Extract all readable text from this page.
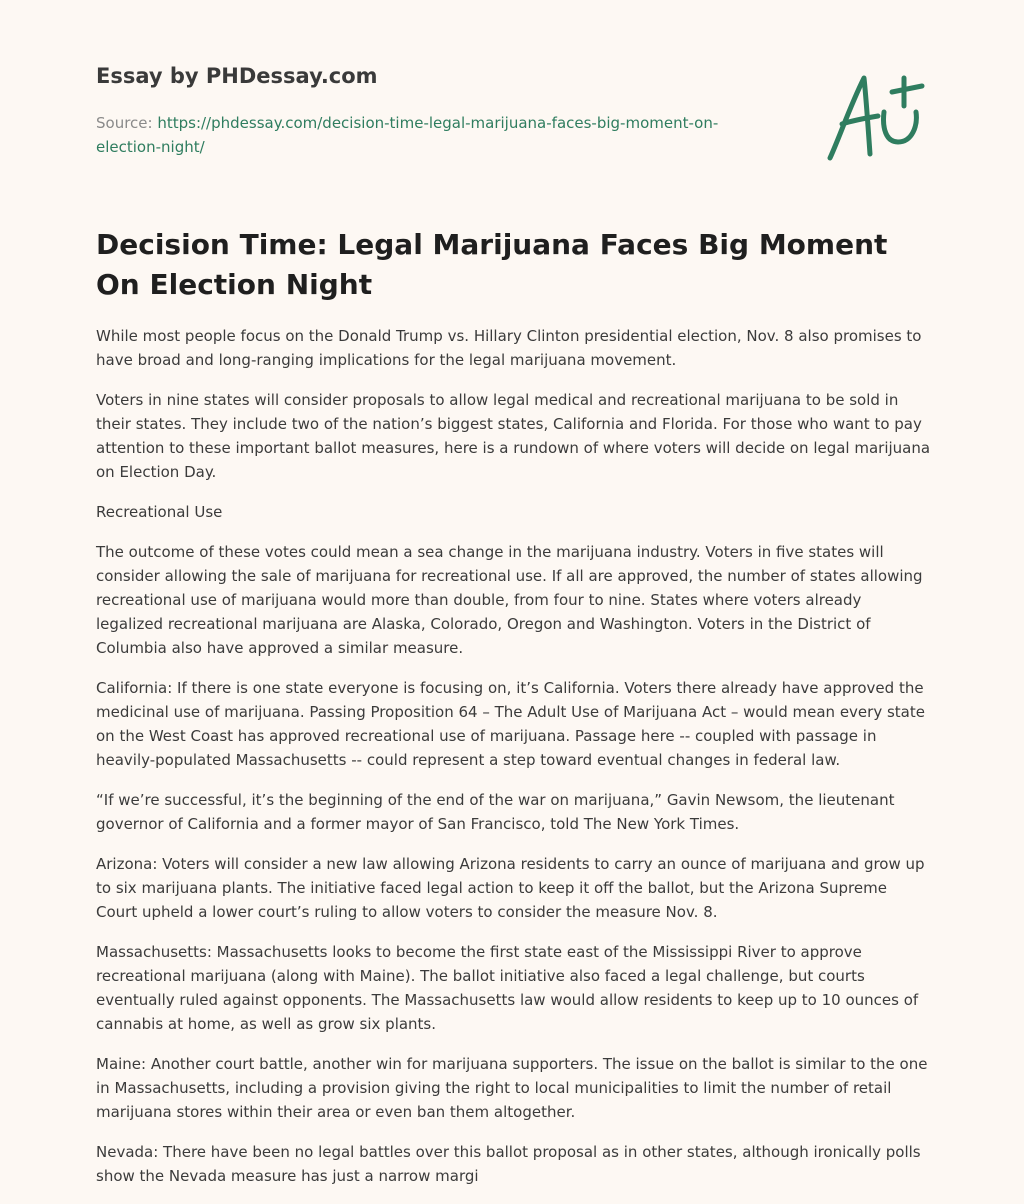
Essay by PHDessay.com

Source: https://phdessay.com/decision-time-legal-marijuana-faces-big-moment-on-election-night/

Decision Time: Legal Marijuana Faces Big Moment On Election Night

While most people focus on the Donald Trump vs. Hillary Clinton presidential election, Nov. 8 also promises to have broad and long-ranging implications for the legal marijuana movement.

Voters in nine states will consider proposals to allow legal medical and recreational marijuana to be sold in their states. They include two of the nation’s biggest states, California and Florida. For those who want to pay attention to these important ballot measures, here is a rundown of where voters will decide on legal marijuana on Election Day.

Recreational Use

The outcome of these votes could mean a sea change in the marijuana industry. Voters in five states will consider allowing the sale of marijuana for recreational use. If all are approved, the number of states allowing recreational use of marijuana would more than double, from four to nine. States where voters already legalized recreational marijuana are Alaska, Colorado, Oregon and Washington. Voters in the District of Columbia also have approved a similar measure.

California: If there is one state everyone is focusing on, it’s California. Voters there already have approved the medicinal use of marijuana. Passing Proposition 64 – The Adult Use of Marijuana Act – would mean every state on the West Coast has approved recreational use of marijuana. Passage here -- coupled with passage in heavily-populated Massachusetts -- could represent a step toward eventual changes in federal law.

“If we’re successful, it’s the beginning of the end of the war on marijuana,” Gavin Newsom, the lieutenant governor of California and a former mayor of San Francisco, told The New York Times.

Arizona: Voters will consider a new law allowing Arizona residents to carry an ounce of marijuana and grow up to six marijuana plants. The initiative faced legal action to keep it off the ballot, but the Arizona Supreme Court upheld a lower court’s ruling to allow voters to consider the measure Nov. 8.

Massachusetts: Massachusetts looks to become the first state east of the Mississippi River to approve recreational marijuana (along with Maine). The ballot initiative also faced a legal challenge, but courts eventually ruled against opponents. The Massachusetts law would allow residents to keep up to 10 ounces of cannabis at home, as well as grow six plants.

Maine: Another court battle, another win for marijuana supporters. The issue on the ballot is similar to the one in Massachusetts, including a provision giving the right to local municipalities to limit the number of retail marijuana stores within their area or even ban them altogether.

Nevada: There have been no legal battles over this ballot proposal as in other states, although ironically polls show the Nevada measure has just a narrow margi
